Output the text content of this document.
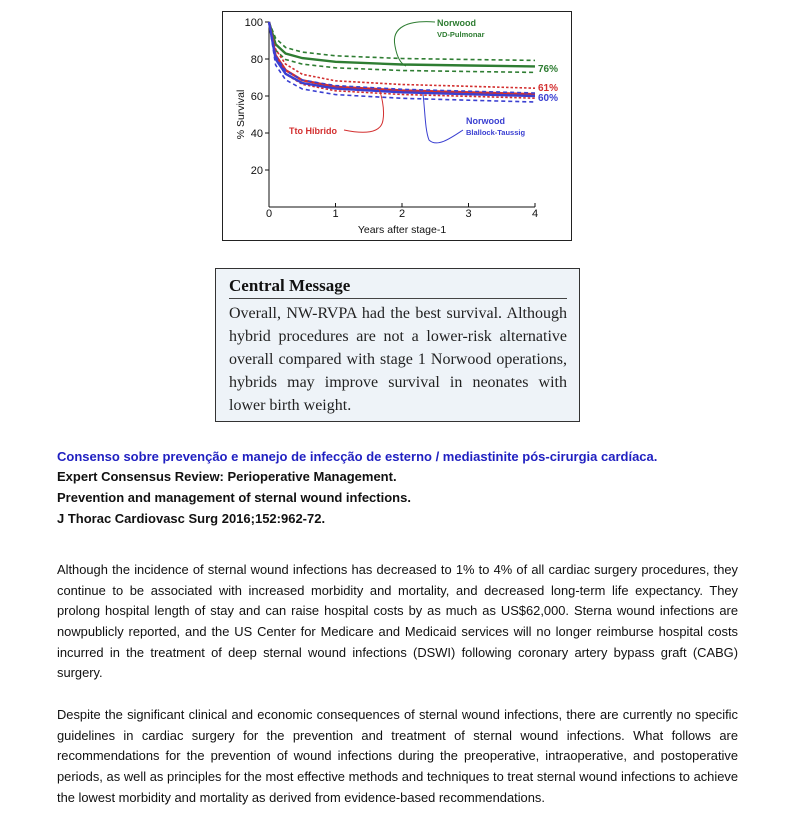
20
40
60
80
100
0	1	2	3	4
Years after stage-1
% Survival
76%
61%
60%
Norwood
VD-Pulmonar
Norwood
Blallock-Taussig
Tto Híbrido
Central Message
Overall, NW-RVPA had the best survival. Although hybrid procedures are not a lower-risk alternative overall compared with stage 1 Norwood operations, hybrids may improve survival in neonates with lower birth weight.
Consenso sobre prevenção e manejo de infecção de esterno / mediastinite pós-cirurgia cardíaca.
Expert Consensus Review: Perioperative Management.
Prevention and management of sternal wound infections.
J Thorac Cardiovasc Surg 2016;152:962-72.

Although the incidence of sternal wound infections has decreased to 1% to 4% of all cardiac surgery procedures, they continue to be associated with increased morbidity and mortality, and decreased long-term life expectancy. They prolong hospital length of stay and can raise hospital costs by as much as US$62,000. Sterna wound infections are nowpublicly reported, and the US Center for Medicare and Medicaid services will no longer reimburse hospital costs incurred in the treatment of deep sternal wound infections (DSWI) following coronary artery bypass graft (CABG) surgery.

Despite the significant clinical and economic consequences of sternal wound infections, there are currently no specific guidelines in cardiac surgery for the prevention and treatment of sternal wound infections. What follows are recommendations for the prevention of wound infections during the preoperative, intraoperative, and postoperative periods, as well as principles for the most effective methods and techniques to treat sternal wound infections to achieve the lowest morbidity and mortality as derived from evidence-based recommendations.
